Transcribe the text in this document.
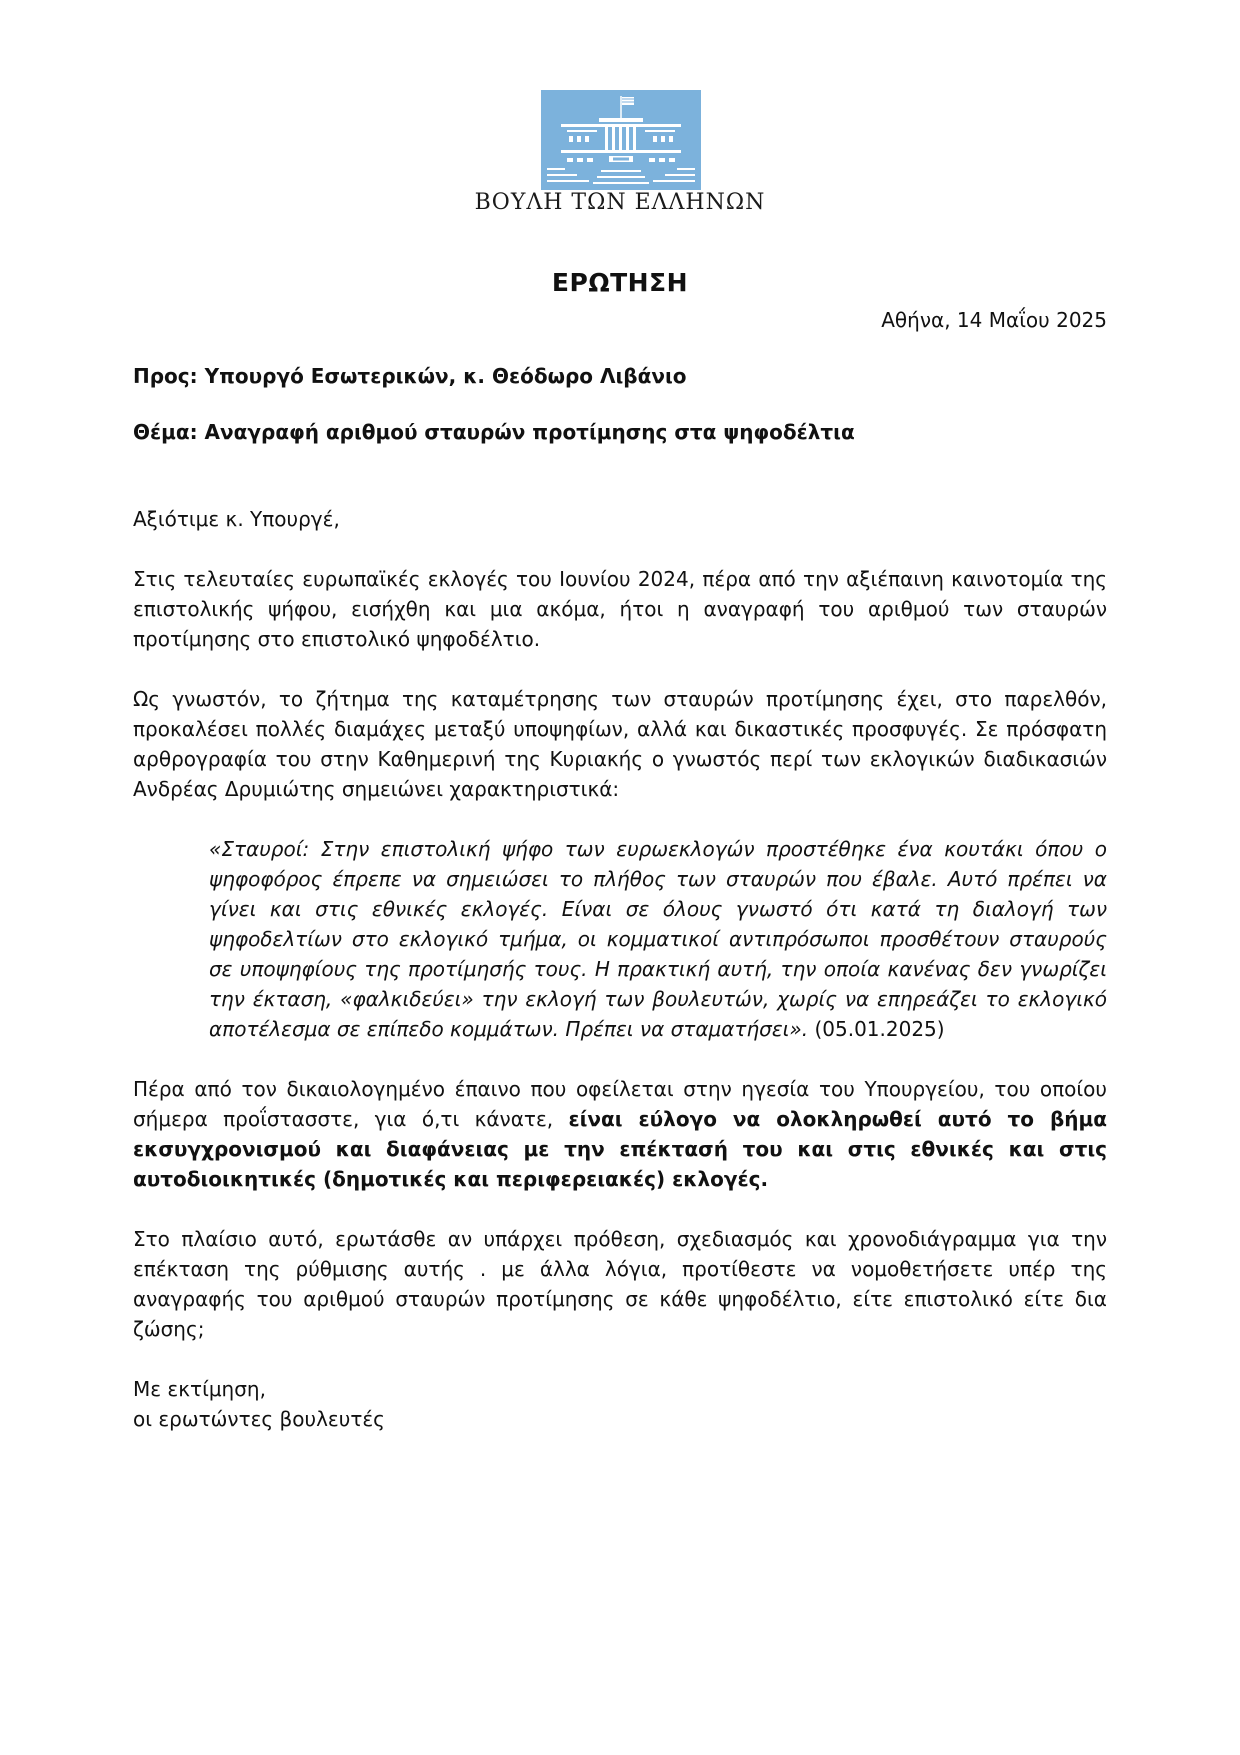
ΒΟΥΛΗ ΤΩΝ ΕΛΛΗΝΩΝ
ΕΡΩΤΗΣΗ
Αθήνα, 14 Μαΐου 2025
Προς: Υπουργό Εσωτερικών, κ. Θεόδωρο Λιβάνιο
Θέμα: Αναγραφή αριθμού σταυρών προτίμησης στα ψηφοδέλτια

Αξιότιμε κ. Υπουργέ,

Στις τελευταίες ευρωπαϊκές εκλογές του Ιουνίου 2024, πέρα από την αξιέπαινη καινοτομία της επιστολικής ψήφου, εισήχθη και μια ακόμα, ήτοι η αναγραφή του αριθμού των σταυρών προτίμησης στο επιστολικό ψηφοδέλτιο.

Ως γνωστόν, το ζήτημα της καταμέτρησης των σταυρών προτίμησης έχει, στο παρελθόν, προκαλέσει πολλές διαμάχες μεταξύ υποψηφίων, αλλά και δικαστικές προσφυγές. Σε πρόσφατη αρθρογραφία του στην Καθημερινή της Κυριακής ο γνωστός περί των εκλογικών διαδικασιών Ανδρέας Δρυμιώτης σημειώνει χαρακτηριστικά:

«Σταυροί: Στην επιστολική ψήφο των ευρωεκλογών προστέθηκε ένα κουτάκι όπου ο ψηφοφόρος έπρεπε να σημειώσει το πλήθος των σταυρών που έβαλε. Αυτό πρέπει να γίνει και στις εθνικές εκλογές. Είναι σε όλους γνωστό ότι κατά τη διαλογή των ψηφοδελτίων στο εκλογικό τμήμα, οι κομματικοί αντιπρόσωποι προσθέτουν σταυρούς σε υποψηφίους της προτίμησής τους. Η πρακτική αυτή, την οποία κανένας δεν γνωρίζει την έκταση, «φαλκιδεύει» την εκλογή των βουλευτών, χωρίς να επηρεάζει το εκλογικό αποτέλεσμα σε επίπεδο κομμάτων. Πρέπει να σταματήσει». (05.01.2025)

Πέρα από τον δικαιολογημένο έπαινο που οφείλεται στην ηγεσία του Υπουργείου, του οποίου σήμερα προΐστασστε, για ό,τι κάνατε, είναι εύλογο να ολοκληρωθεί αυτό το βήμα εκσυγχρονισμού και διαφάνειας με την επέκτασή του και στις εθνικές και στις αυτοδιοικητικές (δημοτικές και περιφερειακές) εκλογές.

Στο πλαίσιο αυτό, ερωτάσθε αν υπάρχει πρόθεση, σχεδιασμός και χρονοδιάγραμμα για την επέκταση της ρύθμισης αυτής . με άλλα λόγια, προτίθεστε να νομοθετήσετε υπέρ της αναγραφής του αριθμού σταυρών προτίμησης σε κάθε ψηφοδέλτιο, είτε επιστολικό είτε δια ζώσης;

Με εκτίμηση,

οι ερωτώντες βουλευτές
